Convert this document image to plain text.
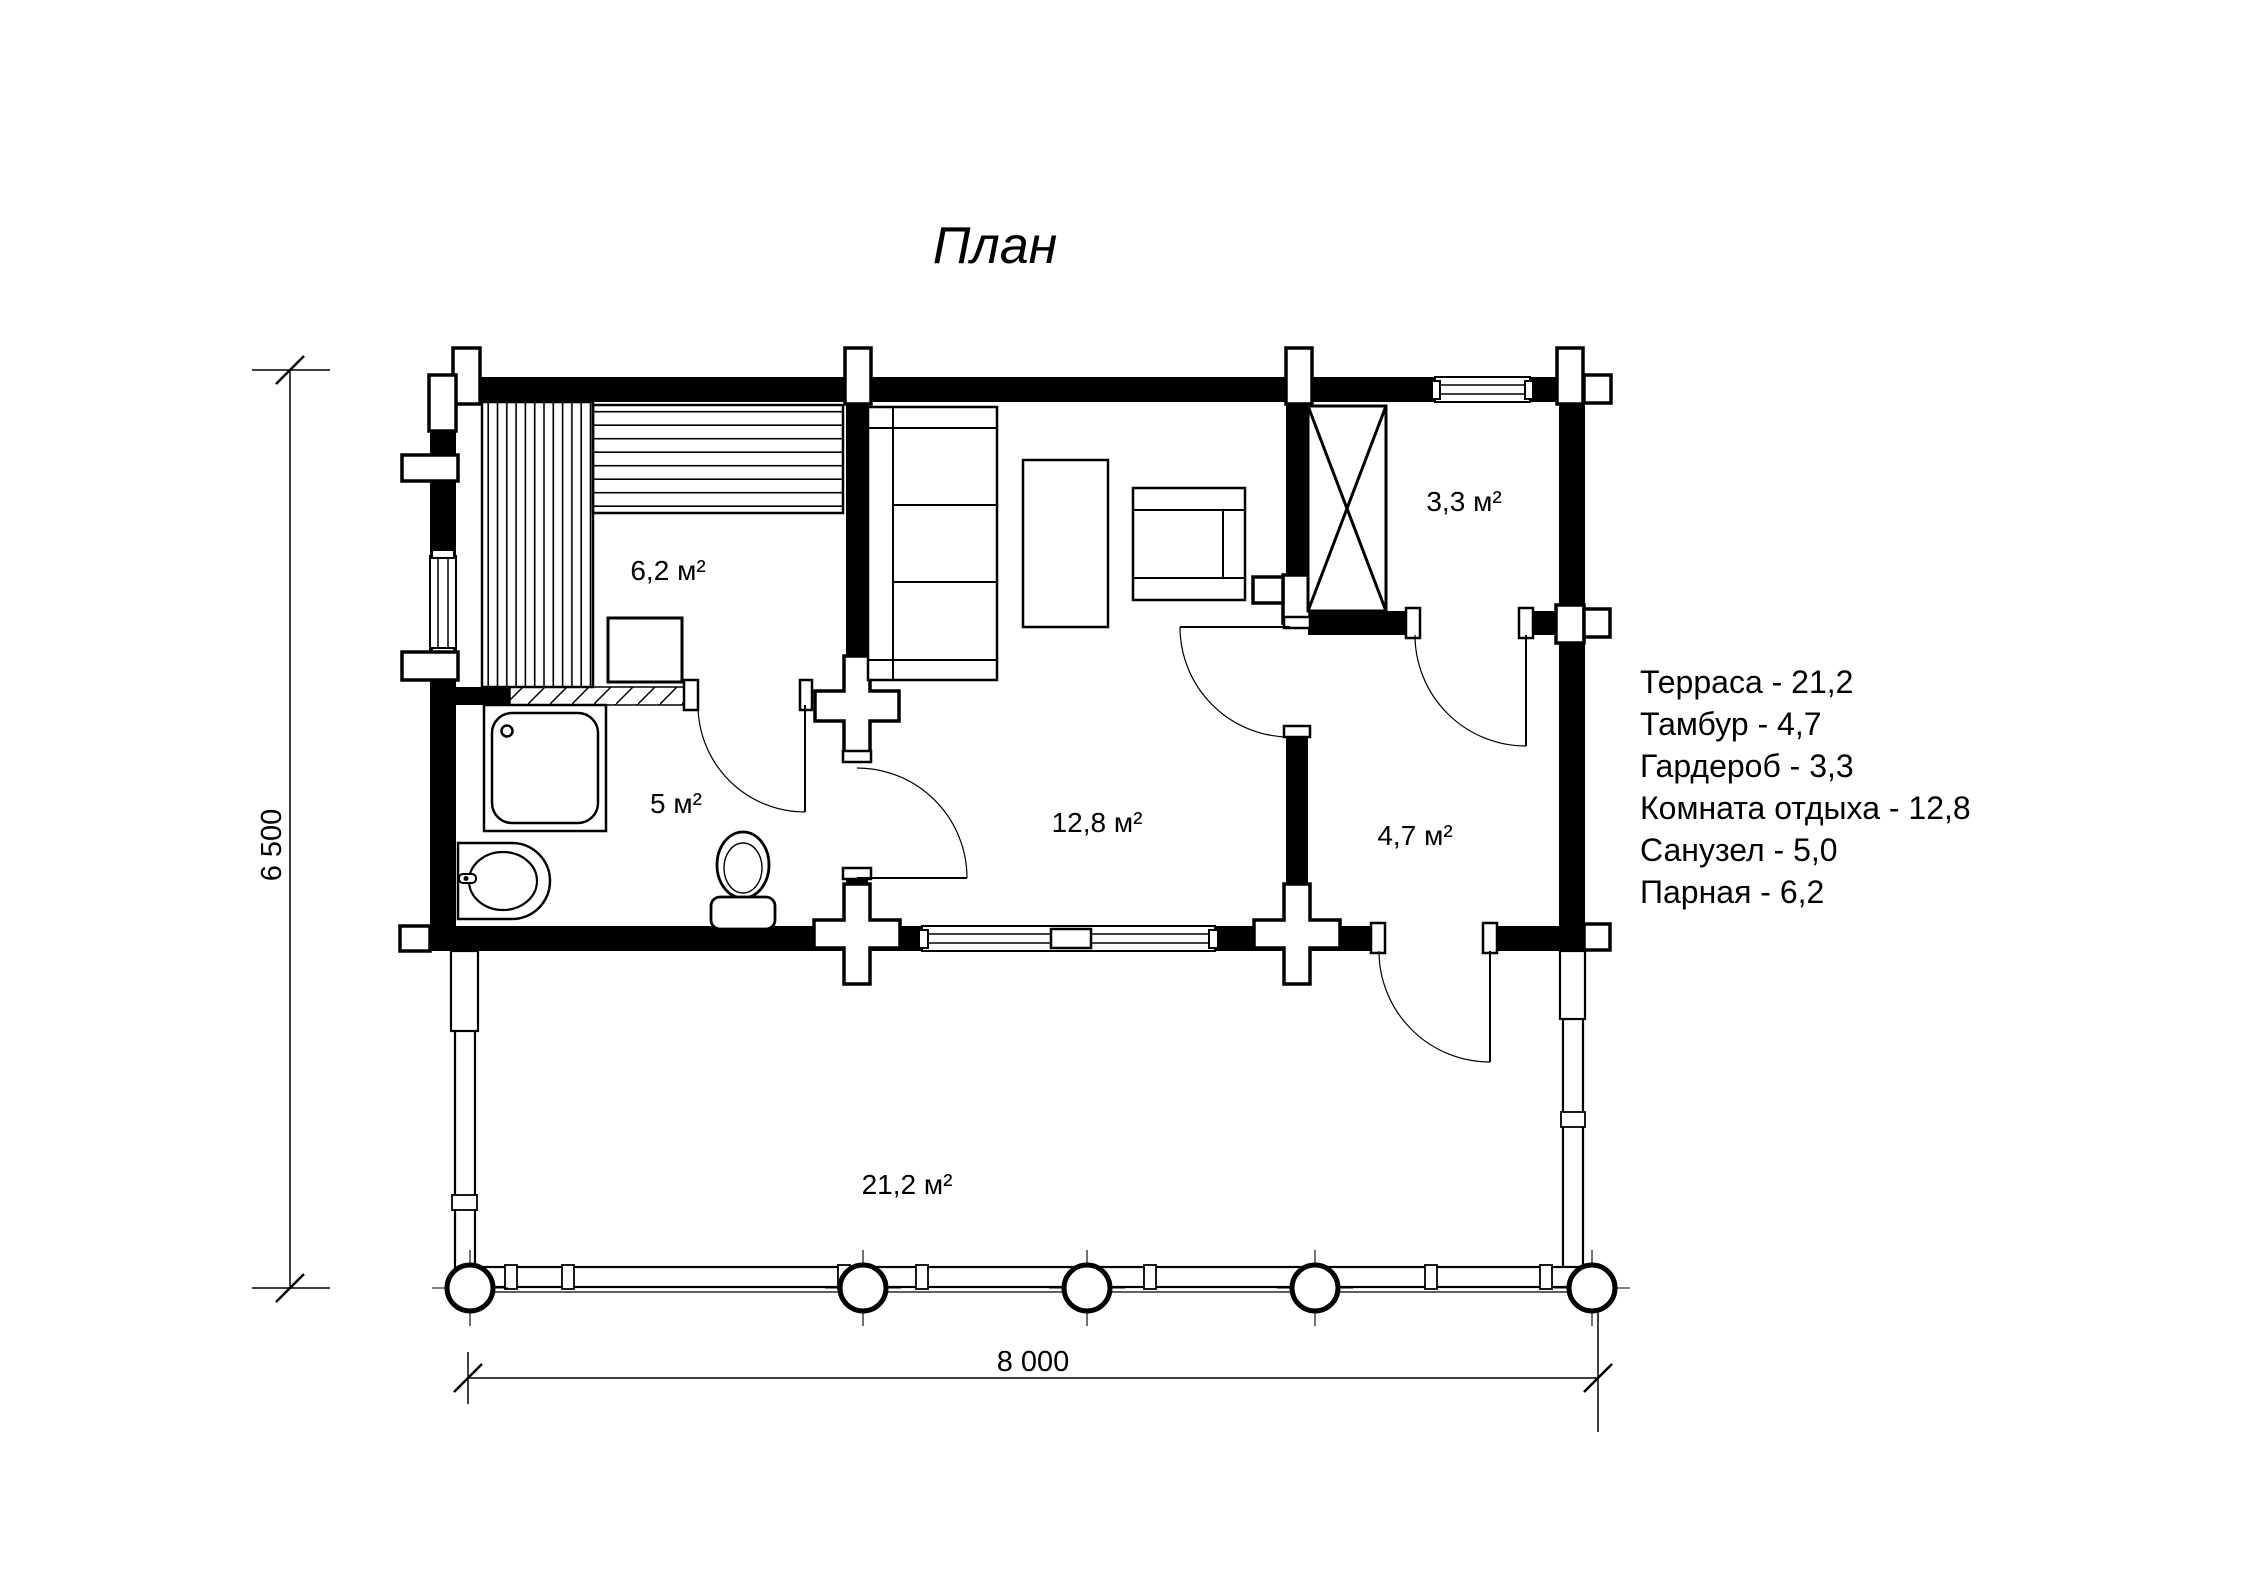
6 500
8 000
План
6,2 м²
5 м²
12,8 м²
3,3 м²
4,7 м²
21,2 м²
Терраса - 21,2
Тамбур - 4,7
Гардероб - 3,3
Комната отдыха - 12,8
Санузел - 5,0
Парная - 6,2
